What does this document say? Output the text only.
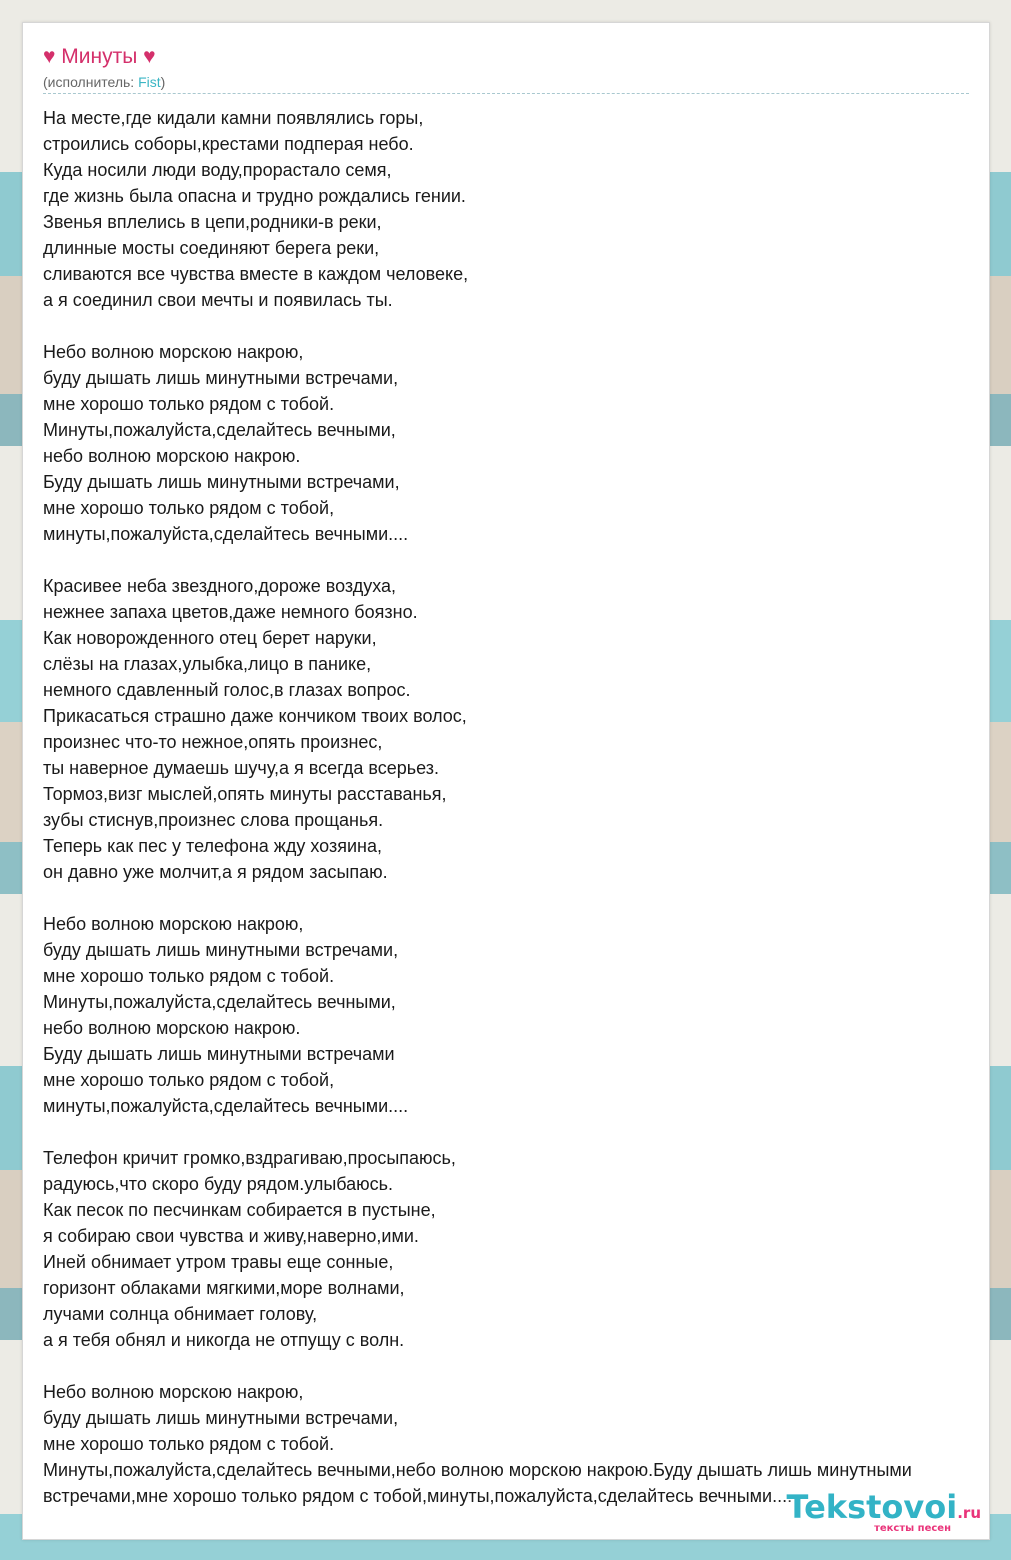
♥ Минуты ♥
(исполнитель: Fist)
На месте,где кидали камни появлялись горы,
строились соборы,крестами подперая небо.
Куда носили люди воду,прорастало семя,
где жизнь была опасна и трудно рождались гении.
Звенья вплелись в цепи,родники-в реки,
длинные мосты соединяют берега реки,
сливаются все чувства вместе в каждом человеке,
а я соединил свои мечты и появилась ты.
Небо волною морскою накрою,
буду дышать лишь минутными встречами,
мне хорошо только рядом с тобой.
Минуты,пожалуйста,сделайтесь вечными,
небо волною морскою накрою.
Буду дышать лишь минутными встречами,
мне хорошо только рядом с тобой,
минуты,пожалуйста,сделайтесь вечными....
Красивее неба звездного,дороже воздуха,
нежнее запаха цветов,даже немного боязно.
Как новорожденного отец берет наруки,
слёзы на глазах,улыбка,лицо в панике,
немного сдавленный голос,в глазах вопрос.
Прикасаться страшно даже кончиком твоих волос,
произнес что-то нежное,опять произнес,
ты наверное думаешь шучу,а я всегда всерьез.
Тормоз,визг мыслей,опять минуты расставанья,
зубы стиснув,произнес слова прощанья.
Теперь как пес у телефона жду хозяина,
он давно уже молчит,а я рядом засыпаю.
Небо волною морскою накрою,
буду дышать лишь минутными встречами,
мне хорошо только рядом с тобой.
Минуты,пожалуйста,сделайтесь вечными,
небо волною морскою накрою.
Буду дышать лишь минутными встречами
мне хорошо только рядом с тобой,
минуты,пожалуйста,сделайтесь вечными....
Телефон кричит громко,вздрагиваю,просыпаюсь,
радуюсь,что скоро буду рядом.улыбаюсь.
Как песок по песчинкам собирается в пустыне,
я собираю свои чувства и живу,наверно,ими.
Иней обнимает утром травы еще сонные,
горизонт облаками мягкими,море волнами,
лучами солнца обнимает голову,
а я тебя обнял и никогда не отпущу с волн.
Небо волною морскою накрою,
буду дышать лишь минутными встречами,
мне хорошо только рядом с тобой.
Минуты,пожалуйста,сделайтесь вечными,небо волною морскою накрою.Буду дышать лишь минутными
встречами,мне хорошо только рядом с тобой,минуты,пожалуйста,сделайтесь вечными....
Tekstovoi.ru
тексты песен
